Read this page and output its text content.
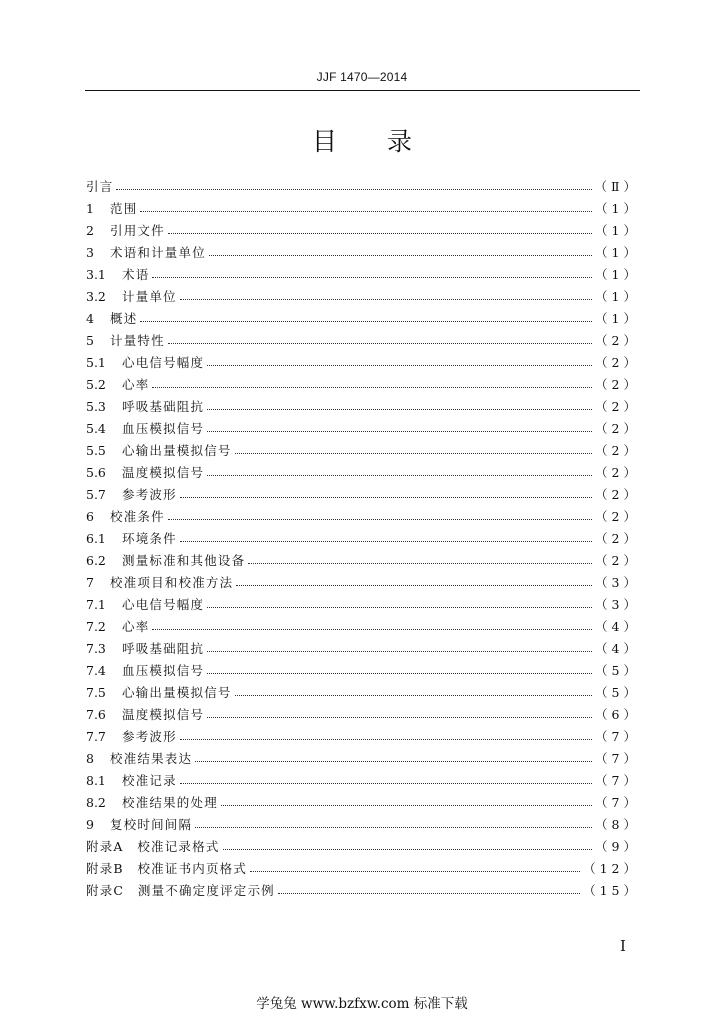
JJF 1470—2014
目录
引言	（Ⅱ）
1	范围	（1）
2	引用文件	（1）
3	术语和计量单位	（1）
3.1	术语	（1）
3.2	计量单位	（1）
4	概述	（1）
5	计量特性	（2）
5.1	心电信号幅度	（2）
5.2	心率	（2）
5.3	呼吸基础阻抗	（2）
5.4	血压模拟信号	（2）
5.5	心输出量模拟信号	（2）
5.6	温度模拟信号	（2）
5.7	参考波形	（2）
6	校准条件	（2）
6.1	环境条件	（2）
6.2	测量标准和其他设备	（2）
7	校准项目和校准方法	（3）
7.1	心电信号幅度	（3）
7.2	心率	（4）
7.3	呼吸基础阻抗	（4）
7.4	血压模拟信号	（5）
7.5	心输出量模拟信号	（5）
7.6	温度模拟信号	（6）
7.7	参考波形	（7）
8	校准结果表达	（7）
8.1	校准记录	（7）
8.2	校准结果的处理	（7）
9	复校时间间隔	（8）
附录A　校准记录格式	（9）
附录B　校准证书内页格式	（12）
附录C　测量不确定度评定示例	（15）
I
学兔兔 www.bzfxw.com 标准下载
